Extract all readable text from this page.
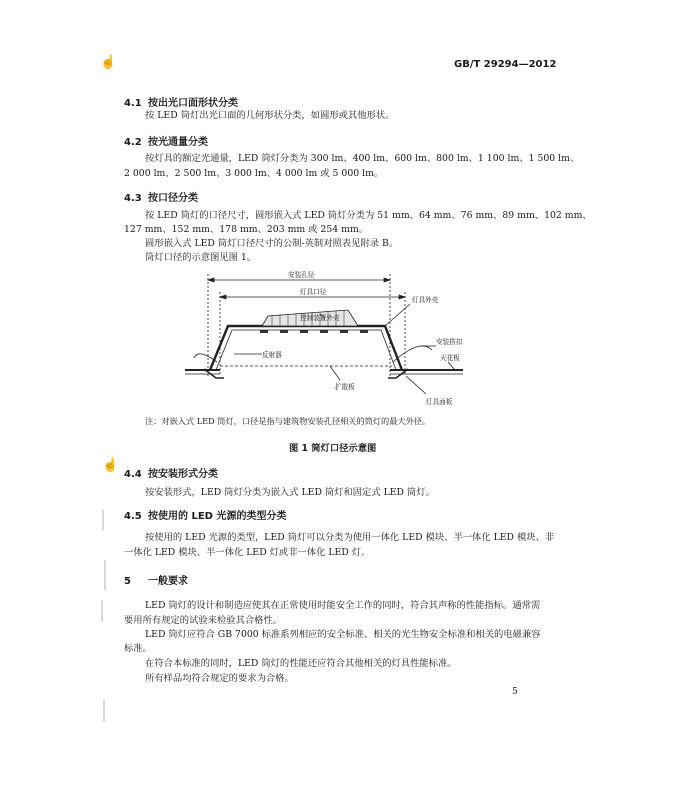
GB/T 29294—2012
☝
4.1 按出光口面形状分类
按 LED 筒灯出光口面的几何形状分类，如圆形或其他形状。
4.2 按光通量分类
按灯具的额定光通量，LED 筒灯分类为 300 lm、400 lm、600 lm、800 lm、1 100 lm、1 500 lm、
2 000 lm、2 500 lm、3 000 lm、4 000 lm 或 5 000 lm。
4.3 按口径分类
按 LED 筒灯的口径尺寸，圆形嵌入式 LED 筒灯分类为 51 mm、64 mm、76 mm、89 mm、102 mm、
127 mm、152 mm、178 mm、203 mm 或 254 mm。
圆形嵌入式 LED 筒灯口径尺寸的公制-英制对照表见附录 B。
筒灯口径的示意图见图 1。
安装孔径
灯具口径
灯具外壳
控制装置外壳
安装搭扣
天花板
反射器
扩散板
灯具面板
注：对嵌入式 LED 筒灯，口径是指与建筑物安装孔径相关的筒灯的最大外径。
图 1 筒灯口径示意图
☝
4.4 按安装形式分类
按安装形式，LED 筒灯分类为嵌入式 LED 筒灯和固定式 LED 筒灯。
4.5 按使用的 LED 光源的类型分类
按使用的 LED 光源的类型，LED 筒灯可以分类为使用一体化 LED 模块、半一体化 LED 模块、非
一体化 LED 模块、半一体化 LED 灯或非一体化 LED 灯。
5 一般要求
LED 筒灯的设计和制造应使其在正常使用时能安全工作的同时，符合其声称的性能指标。通常需
要用所有规定的试验来检验其合格性。
LED 筒灯应符合 GB 7000 标准系列相应的安全标准、相关的光生物安全标准和相关的电磁兼容
标准。
在符合本标准的同时，LED 筒灯的性能还应符合其他相关的灯具性能标准。
所有样品均符合规定的要求为合格。
5
